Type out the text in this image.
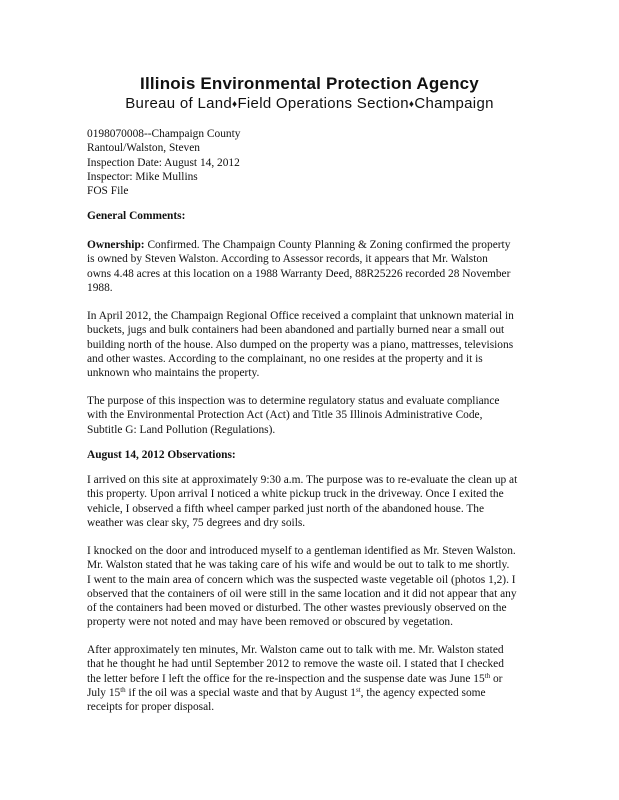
Illinois Environmental Protection Agency
Bureau of Land♦Field Operations Section♦Champaign
0198070008--Champaign County
Rantoul/Walston, Steven
Inspection Date: August 14, 2012
Inspector: Mike Mullins
FOS File
General Comments:
Ownership: Confirmed. The Champaign County Planning & Zoning confirmed the property
is owned by Steven Walston. According to Assessor records, it appears that Mr. Walston
owns 4.48 acres at this location on a 1988 Warranty Deed, 88R25226 recorded 28 November
1988.
In April 2012, the Champaign Regional Office received a complaint that unknown material in
buckets, jugs and bulk containers had been abandoned and partially burned near a small out
building north of the house. Also dumped on the property was a piano, mattresses, televisions
and other wastes. According to the complainant, no one resides at the property and it is
unknown who maintains the property.
The purpose of this inspection was to determine regulatory status and evaluate compliance
with the Environmental Protection Act (Act) and Title 35 Illinois Administrative Code,
Subtitle G: Land Pollution (Regulations).
August 14, 2012 Observations:
I arrived on this site at approximately 9:30 a.m. The purpose was to re-evaluate the clean up at
this property. Upon arrival I noticed a white pickup truck in the driveway. Once I exited the
vehicle, I observed a fifth wheel camper parked just north of the abandoned house. The
weather was clear sky, 75 degrees and dry soils.
I knocked on the door and introduced myself to a gentleman identified as Mr. Steven Walston.
Mr. Walston stated that he was taking care of his wife and would be out to talk to me shortly.
I went to the main area of concern which was the suspected waste vegetable oil (photos 1,2). I
observed that the containers of oil were still in the same location and it did not appear that any
of the containers had been moved or disturbed. The other wastes previously observed on the
property were not noted and may have been removed or obscured by vegetation.
After approximately ten minutes, Mr. Walston came out to talk with me. Mr. Walston stated
that he thought he had until September 2012 to remove the waste oil. I stated that I checked
the letter before I left the office for the re-inspection and the suspense date was June 15th or
July 15th if the oil was a special waste and that by August 1st, the agency expected some
receipts for proper disposal.
